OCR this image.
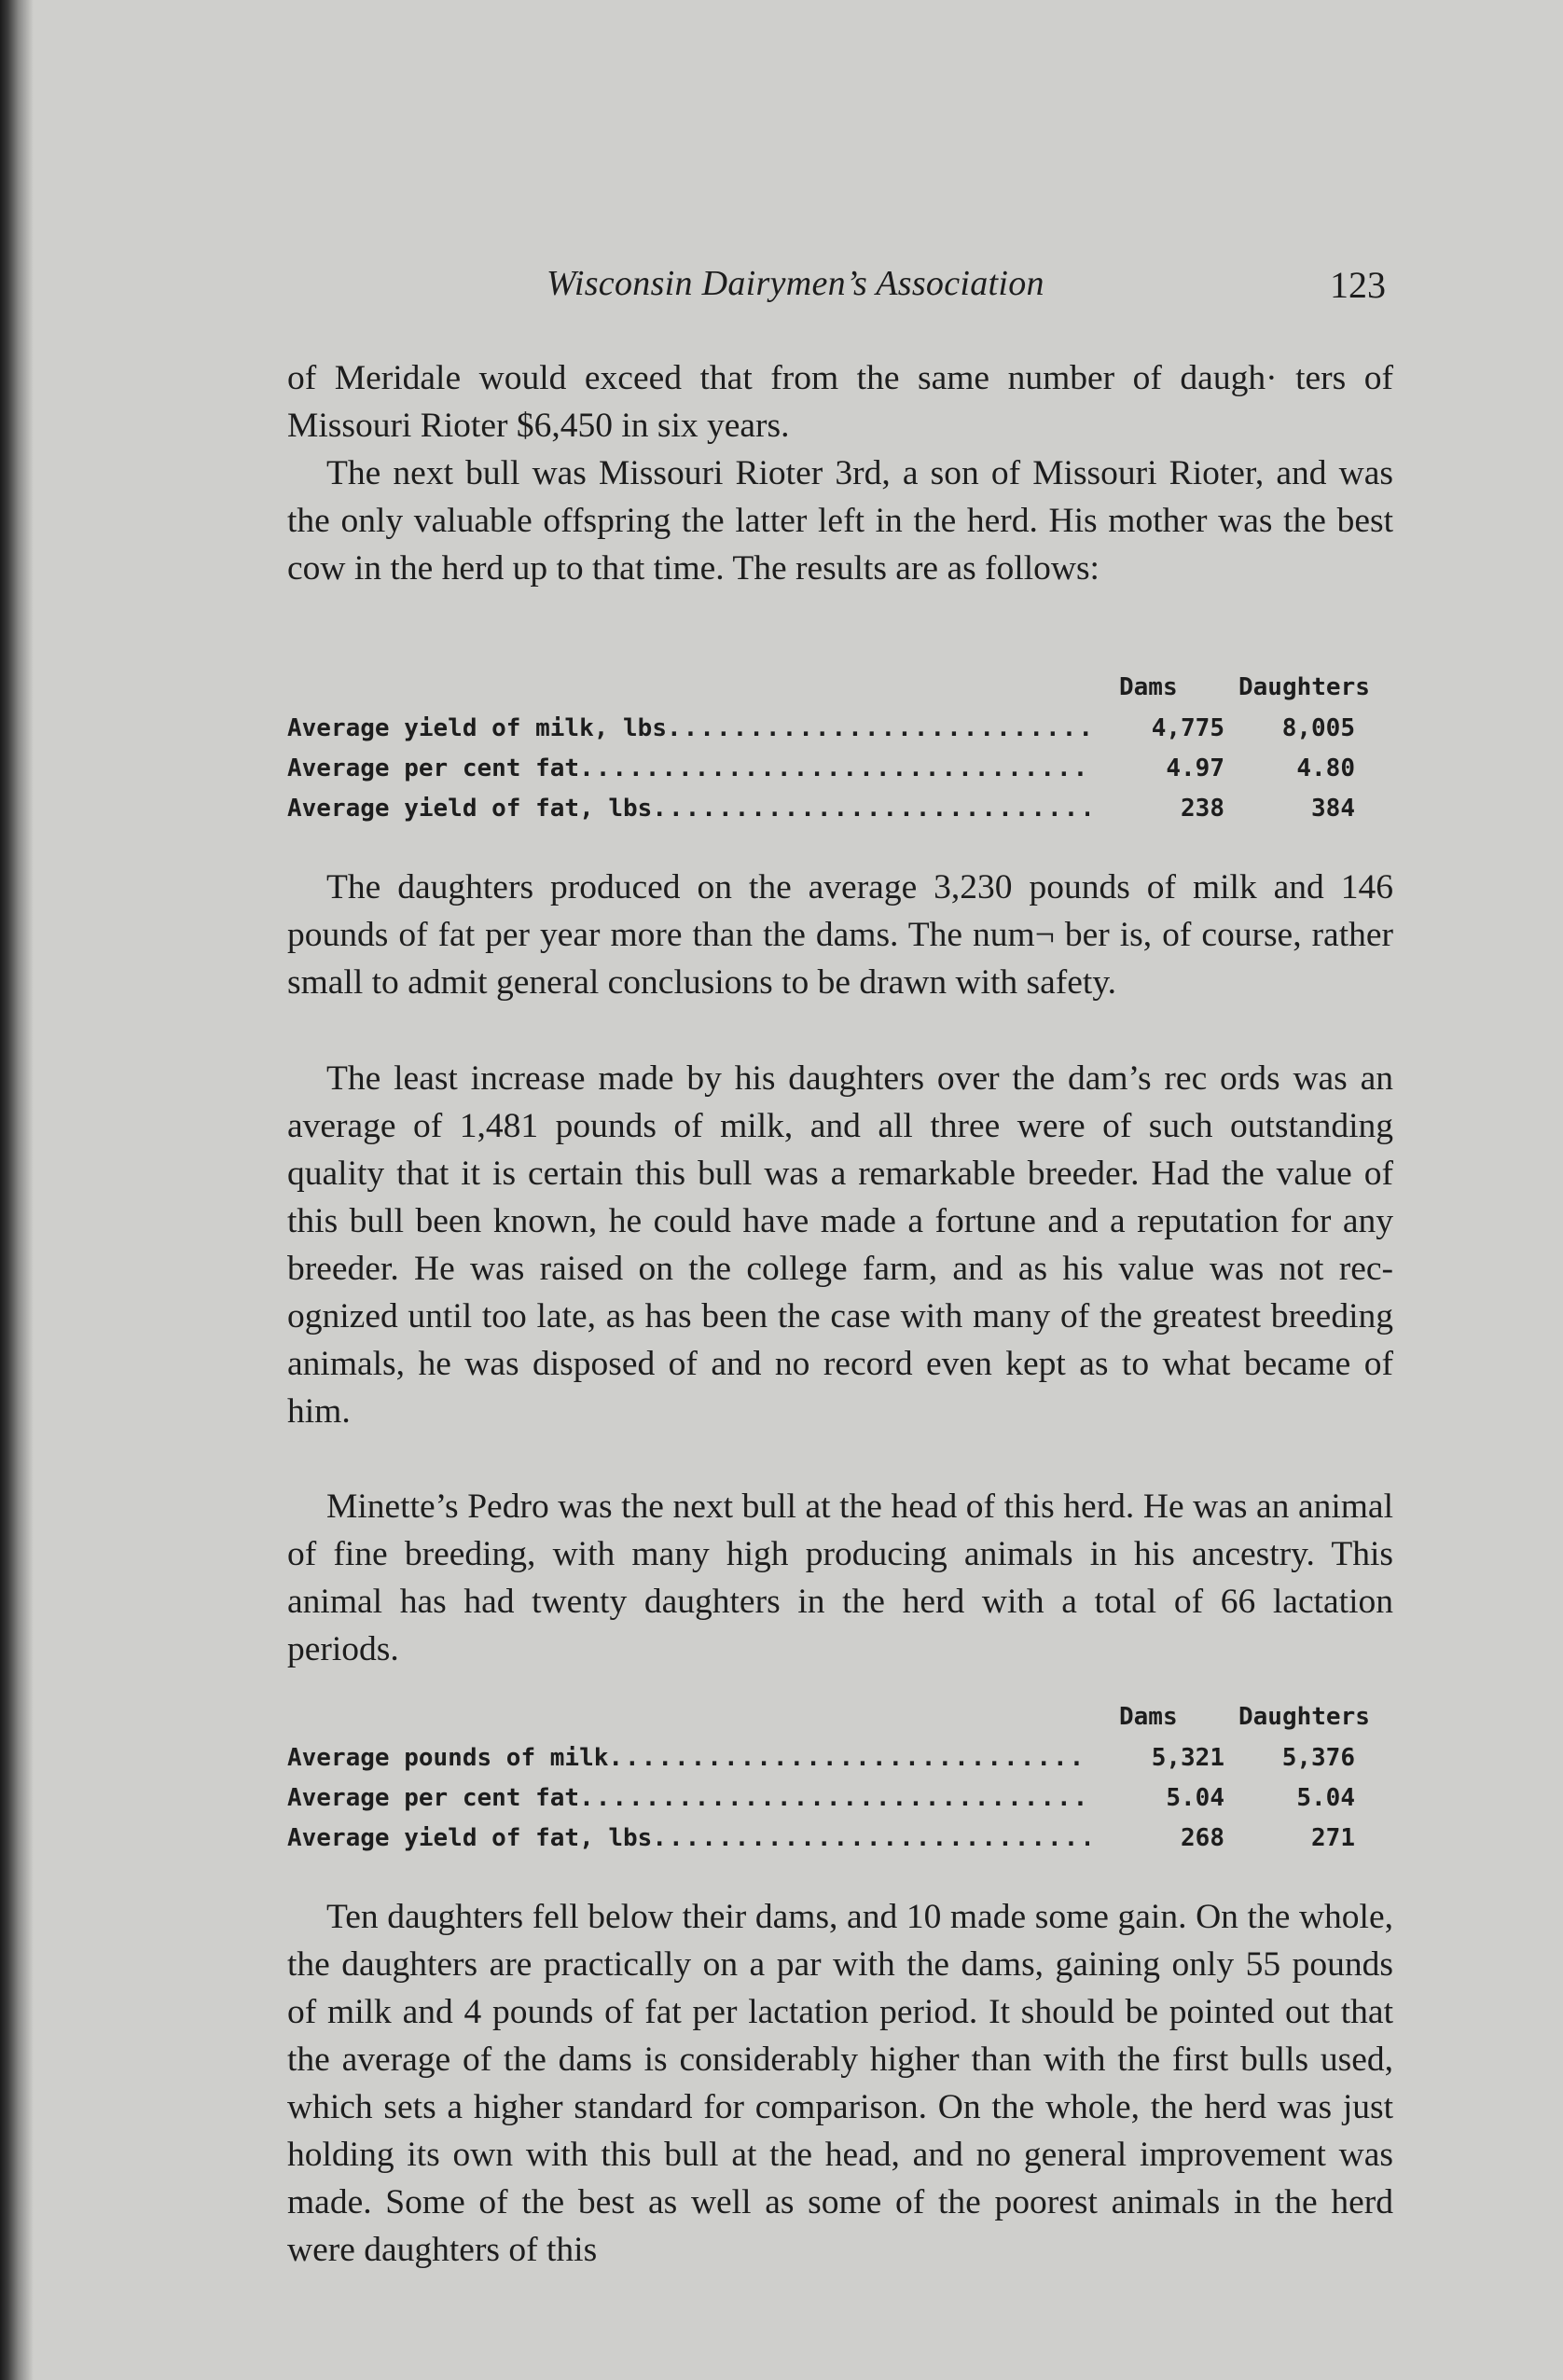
Wisconsin Dairymen’s Association	123

of Meridale would exceed that from the same number of daugh· ters of Missouri Rioter $6,450 in six years.

The next bull was Missouri Rioter 3rd, a son of Missouri Rioter, and was the only valuable offspring the latter left in the herd. His mother was the best cow in the herd up to that time. The results are as follows:

Dams	Daughters
Average yield of milk, lbs .....	4,775 8,005
Average per cent fat .....	4.97	4.80
Average yield of fat, lbs .....	238	384

The daughters produced on the average 3,230 pounds of milk and 146 pounds of fat per year more than the dams. The num¬ ber is, of course, rather small to admit general conclusions to be drawn with safety.

The least increase made by his daughters over the dam’s rec ords was an average of 1,481 pounds of milk, and all three were of such outstanding quality that it is certain this bull was a remarkable breeder. Had the value of this bull been known, he could have made a fortune and a reputation for any breeder. He was raised on the college farm, and as his value was not rec ognized until too late, as has been the case with many of the greatest breeding animals, he was disposed of and no record even kept as to what became of him.

Minette’s Pedro was the next bull at the head of this herd. He was an animal of fine breeding, with many high producing animals in his ancestry. This animal has had twenty daughters in the herd with a total of 66 lactation periods.

Dams	Daughters
Average pounds of milk .....	5,321 5,376
Average per cent fat .....	5.04	5.04
Average yield of fat, lbs .....	268	271

Ten daughters fell below their dams, and 10 made some gain. On the whole, the daughters are practically on a par with the dams, gaining only 55 pounds of milk and 4 pounds of fat per lactation period. It should be pointed out that the average of the dams is considerably higher than with the first bulls used, which sets a higher standard for comparison. On the whole, the herd was just holding its own with this bull at the head, and no general improvement was made. Some of the best as well as some of the poorest animals in the herd were daughters of this
